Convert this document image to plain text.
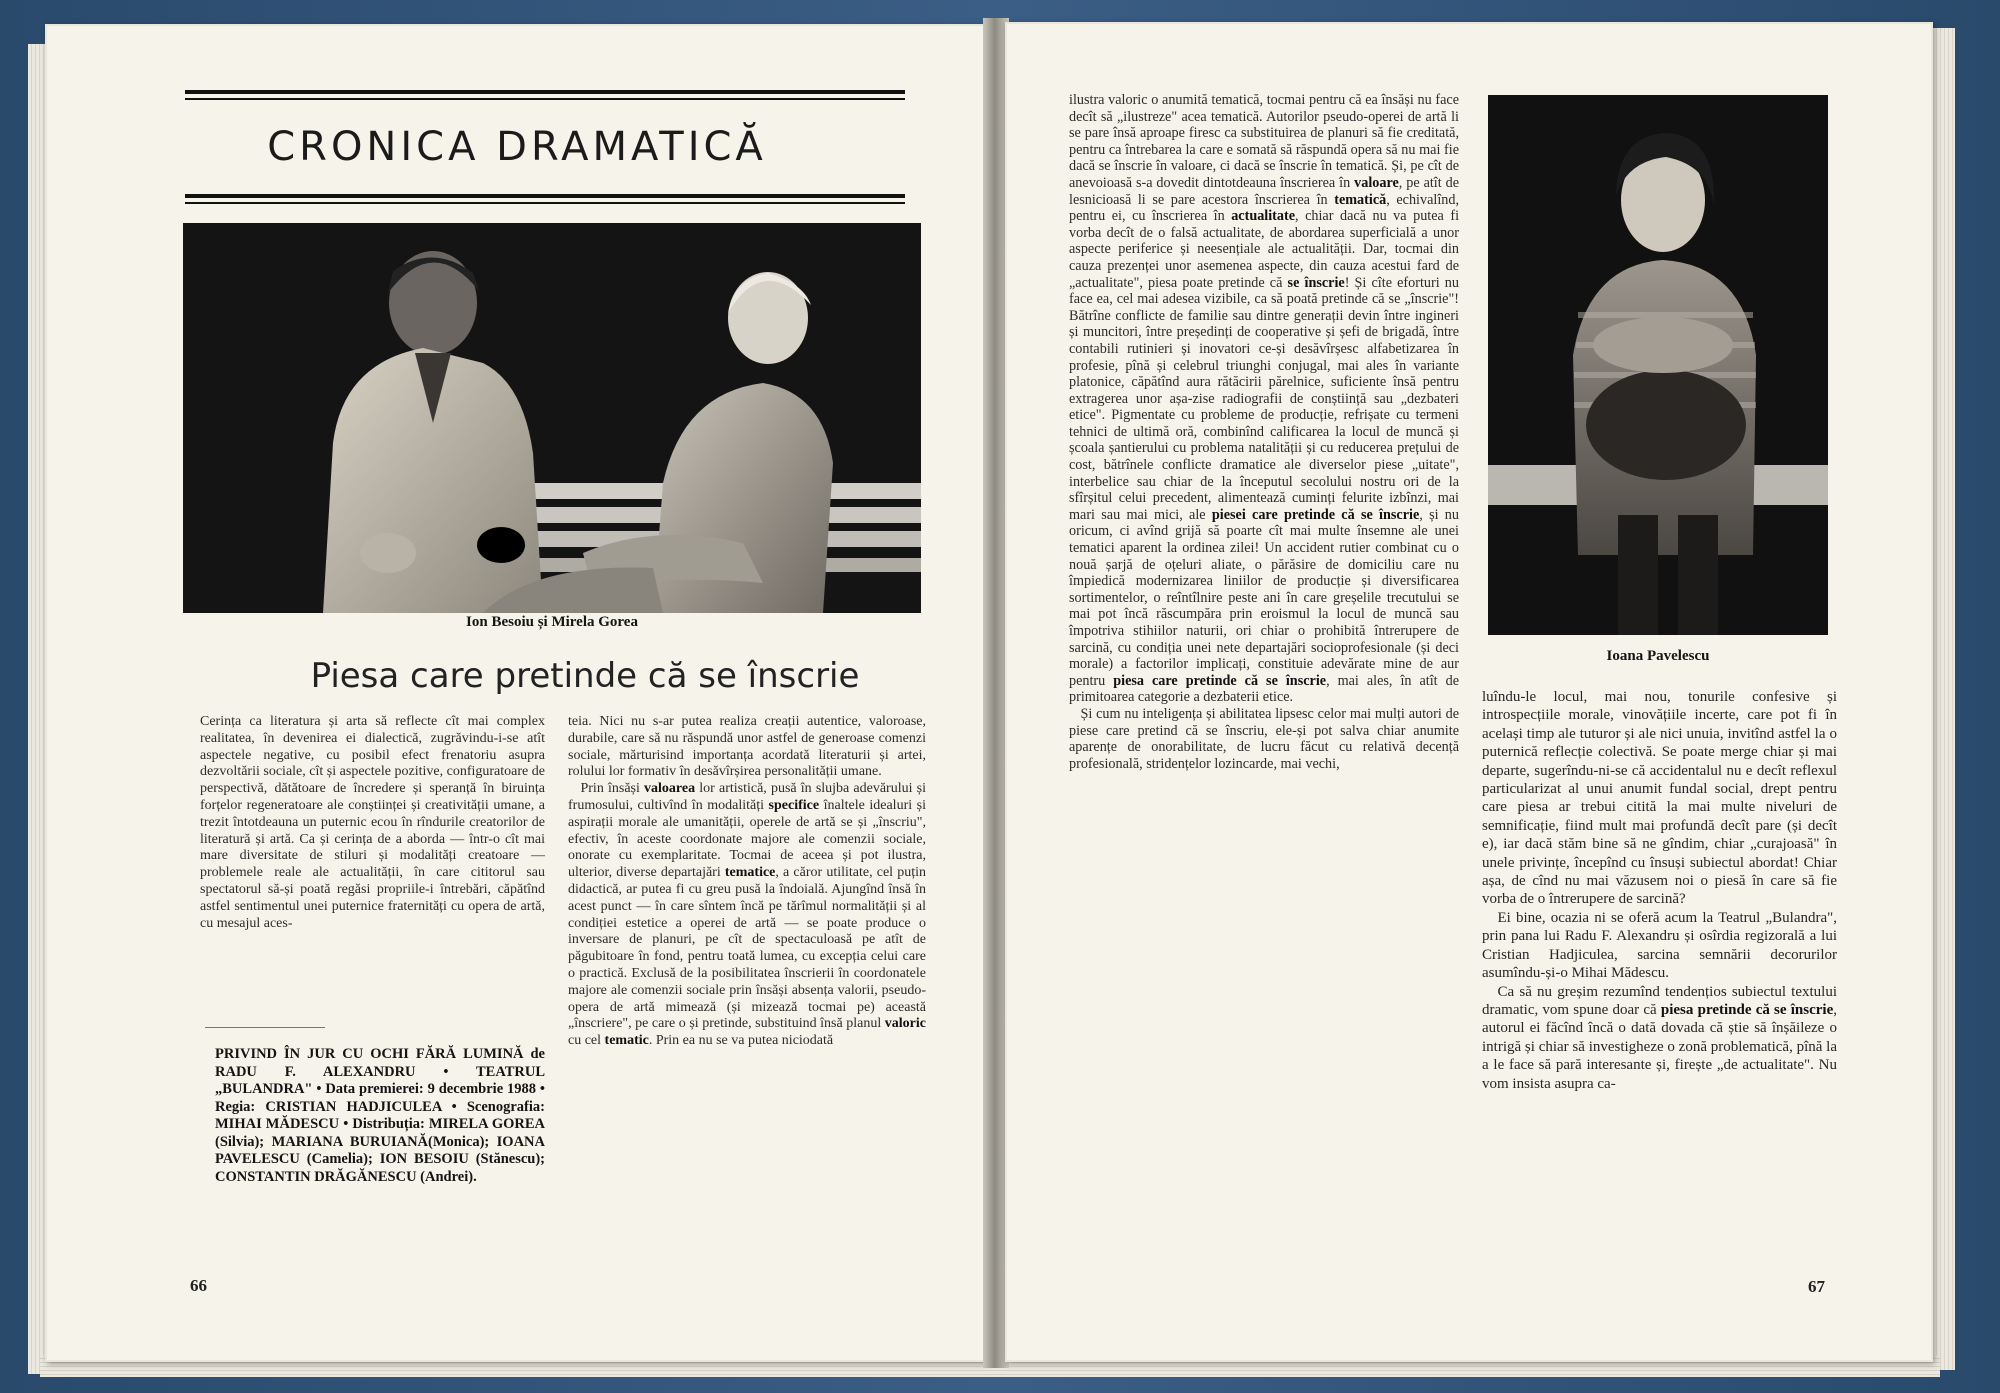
CRONICA DRAMATICĂ
Ion Besoiu și Mirela Gorea
Piesa care pretinde că se înscrie
Cerința ca literatura și arta să reflecte cît mai complex realitatea, în devenirea ei dialectică, zugrăvindu-i-se atît aspectele negative, cu posibil efect frenatoriu asupra dezvoltării sociale, cît și aspectele pozitive, configuratoare de perspectivă, dătătoare de încredere și speranță în biruința forțelor regeneratoare ale conștiinței și creativității umane, a trezit întotdeauna un puternic ecou în rîndurile creatorilor de literatură și artă. Ca și cerința de a aborda — într-o cît mai mare diversitate de stiluri și modalități creatoare — problemele reale ale actualității, în care cititorul sau spectatorul să-și poată regăsi propriile-i întrebări, căpătînd astfel sentimentul unei puternice fraternități cu opera de artă, cu mesajul aces-
PRIVIND ÎN JUR CU OCHI FĂRĂ LUMINĂ de RADU F. ALEXANDRU • TEATRUL „BULANDRA" • Data premierei: 9 decembrie 1988 • Regia: CRISTIAN HADJICULEA • Scenografia: MIHAI MĂDESCU • Distribuția: MIRELA GOREA (Silvia); MARIANA BURUIANĂ(Monica); IOANA PAVELESCU (Camelia); ION BESOIU (Stănescu); CONSTANTIN DRĂGĂNESCU (Andrei).
teia. Nici nu s-ar putea realiza creații autentice, valoroase, durabile, care să nu răspundă unor astfel de generoase comenzi sociale, mărturisind importanța acordată literaturii și artei, rolului lor formativ în desăvîrșirea personalității umane.
Prin însăși valoarea lor artistică, pusă în slujba adevărului și frumosului, cultivînd în modalități specifice înaltele idealuri și aspirații morale ale umanității, operele de artă se și „înscriu", efectiv, în aceste coordonate majore ale comenzii sociale, onorate cu exemplaritate. Tocmai de aceea și pot ilustra, ulterior, diverse departajări tematice, a căror utilitate, cel puțin didactică, ar putea fi cu greu pusă la îndoială. Ajungînd însă în acest punct — în care sîntem încă pe tărîmul normalității și al condiției estetice a operei de artă — se poate produce o inversare de planuri, pe cît de spectaculoasă pe atît de păgubitoare în fond, pentru toată lumea, cu excepția celui care o practică. Exclusă de la posibilitatea înscrierii în coordonatele majore ale comenzii sociale prin însăși absența valorii, pseudo-opera de artă mimează (și mizează tocmai pe) această „înscriere", pe care o și pretinde, substituind însă planul valoric cu cel tematic. Prin ea nu se va putea niciodată
66
ilustra valoric o anumită tematică, tocmai pentru că ea însăși nu face decît să „ilustreze" acea tematică. Autorilor pseudo-operei de artă li se pare însă aproape firesc ca substituirea de planuri să fie creditată, pentru ca întrebarea la care e somată să răspundă opera să nu mai fie dacă se înscrie în valoare, ci dacă se înscrie în tematică. Și, pe cît de anevoioasă s-a dovedit dintotdeauna înscrierea în valoare, pe atît de lesnicioasă li se pare acestora înscrierea în tematică, echivalînd, pentru ei, cu înscrierea în actualitate, chiar dacă nu va putea fi vorba decît de o falsă actualitate, de abordarea superficială a unor aspecte periferice și neesențiale ale actualității. Dar, tocmai din cauza prezenței unor asemenea aspecte, din cauza acestui fard de „actualitate", piesa poate pretinde că se înscrie! Și cîte eforturi nu face ea, cel mai adesea vizibile, ca să poată pretinde că se „înscrie"! Bătrîne conflicte de familie sau dintre generații devin între ingineri și muncitori, între președinți de cooperative și șefi de brigadă, între contabili rutinieri și inovatori ce-și desăvîrșesc alfabetizarea în profesie, pînă și celebrul triunghi conjugal, mai ales în variante platonice, căpătînd aura rătăcirii părelnice, suficiente însă pentru extragerea unor așa-zise radiografii de conștiință sau „dezbateri etice". Pigmentate cu probleme de producție, refrișate cu termeni tehnici de ultimă oră, combinînd calificarea la locul de muncă și școala șantierului cu problema natalității și cu reducerea prețului de cost, bătrînele conflicte dramatice ale diverselor piese „uitate", interbelice sau chiar de la începutul secolului nostru ori de la sfîrșitul celui precedent, alimentează cuminți felurite izbînzi, mai mari sau mai mici, ale piesei care pretinde că se înscrie, și nu oricum, ci avînd grijă să poarte cît mai multe însemne ale unei tematici aparent la ordinea zilei! Un accident rutier combinat cu o nouă șarjă de oțeluri aliate, o părăsire de domiciliu care nu împiedică modernizarea liniilor de producție și diversificarea sortimentelor, o reîntîlnire peste ani în care greșelile trecutului se mai pot încă răscumpăra prin eroismul la locul de muncă sau împotriva stihiilor naturii, ori chiar o prohibită întrerupere de sarcină, cu condiția unei nete departajări socioprofesionale (și deci morale) a factorilor implicați, constituie adevărate mine de aur pentru piesa care pretinde că se înscrie, mai ales, în atît de primitoarea categorie a dezbaterii etice.
Și cum nu inteligența și abilitatea lipsesc celor mai mulți autori de piese care pretind că se înscriu, ele-și pot salva chiar anumite aparențe de onorabilitate, de lucru făcut cu relativă decență profesională, stridențelor lozincarde, mai vechi,
Ioana Pavelescu
luîndu-le locul, mai nou, tonurile confesive și introspecțiile morale, vinovățiile incerte, care pot fi în același timp ale tuturor și ale nici unuia, invitînd astfel la o puternică reflecție colectivă. Se poate merge chiar și mai departe, sugerîndu-ni-se că accidentalul nu e decît reflexul particularizat al unui anumit fundal social, drept pentru care piesa ar trebui citită la mai multe niveluri de semnificație, fiind mult mai profundă decît pare (și decît e), iar dacă stăm bine să ne gîndim, chiar „curajoasă" în unele privințe, începînd cu însuși subiectul abordat! Chiar așa, de cînd nu mai văzusem noi o piesă în care să fie vorba de o întrerupere de sarcină?
Ei bine, ocazia ni se oferă acum la Teatrul „Bulandra", prin pana lui Radu F. Alexandru și osîrdia regizorală a lui Cristian Hadjiculea, sarcina semnării decorurilor asumîndu-și-o Mihai Mădescu.
Ca să nu greșim rezumînd tendențios subiectul textului dramatic, vom spune doar că piesa pretinde că se înscrie, autorul ei făcînd încă o dată dovada că știe să înșăileze o intrigă și chiar să investigheze o zonă problematică, pînă la a le face să pară interesante și, firește „de actualitate". Nu vom insista asupra ca-
67
